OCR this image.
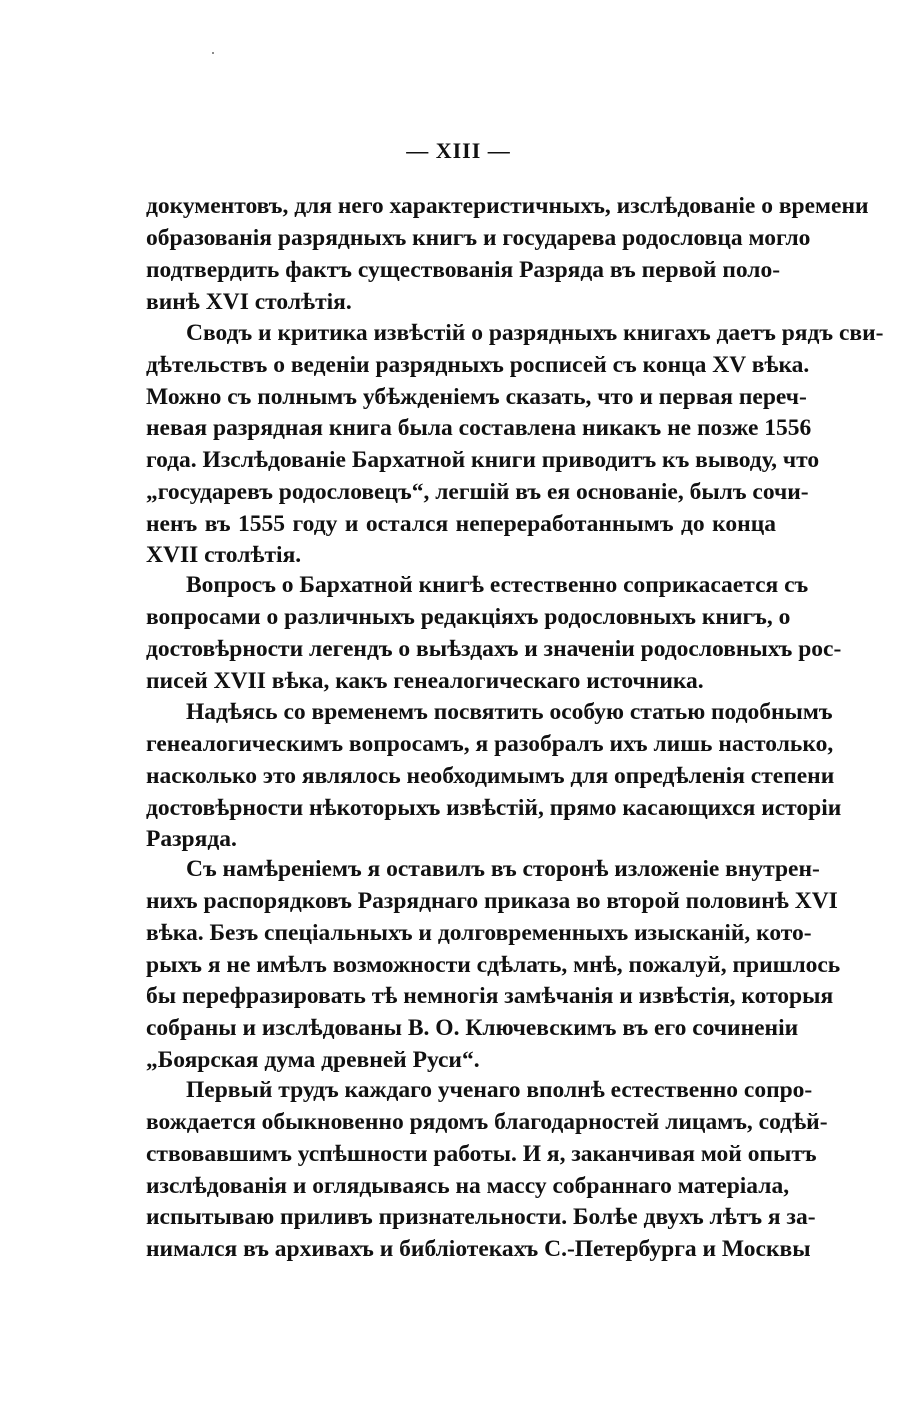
— XIII —
документовъ, для него характеристичныхъ, изслѣдованіе о времени
образованія разрядныхъ книгъ и государева родословца могло
подтвердить фактъ существованія Разряда въ первой поло-
винѣ XVI столѣтія.
Сводъ и критика извѣстій о разрядныхъ книгахъ даетъ рядъ сви-
дѣтельствъ о веденіи разрядныхъ росписей съ конца XV вѣка.
Можно съ полнымъ убѣжденіемъ сказать, что и первая переч-
невая разрядная книга была составлена никакъ не позже 1556
года. Изслѣдованіе Бархатной книги приводитъ къ выводу, что
„государевъ родословецъ“, легшій въ ея основаніе, былъ сочи-
ненъ въ 1555 году и остался непереработаннымъ до конца
XVII столѣтія.
Вопросъ о Бархатной книгѣ естественно соприкасается съ
вопросами о различныхъ редакціяхъ родословныхъ книгъ, о
достовѣрности легендъ о выѣздахъ и значеніи родословныхъ рос-
писей XVII вѣка, какъ генеалогическаго источника.
Надѣясь со временемъ посвятить особую статью подобнымъ
генеалогическимъ вопросамъ, я разобралъ ихъ лишь настолько,
насколько это являлось необходимымъ для опредѣленія степени
достовѣрности нѣкоторыхъ извѣстій, прямо касающихся исторіи
Разряда.
Съ намѣреніемъ я оставилъ въ сторонѣ изложеніе внутрен-
нихъ распорядковъ Разряднаго приказа во второй половинѣ XVI
вѣка. Безъ спеціальныхъ и долговременныхъ изысканій, кото-
рыхъ я не имѣлъ возможности сдѣлать, мнѣ, пожалуй, пришлось
бы перефразировать тѣ немногія замѣчанія и извѣстія, которыя
собраны и изслѣдованы В. О. Ключевскимъ въ его сочиненіи
„Боярская дума древней Руси“.
Первый трудъ каждаго ученаго вполнѣ естественно сопро-
вождается обыкновенно рядомъ благодарностей лицамъ, содѣй-
ствовавшимъ успѣшности работы. И я, заканчивая мой опытъ
изслѣдованія и оглядываясь на массу собраннаго матеріала,
испытываю приливъ признательности. Болѣе двухъ лѣтъ я за-
нимался въ архивахъ и библіотекахъ С.-Петербурга и Москвы
